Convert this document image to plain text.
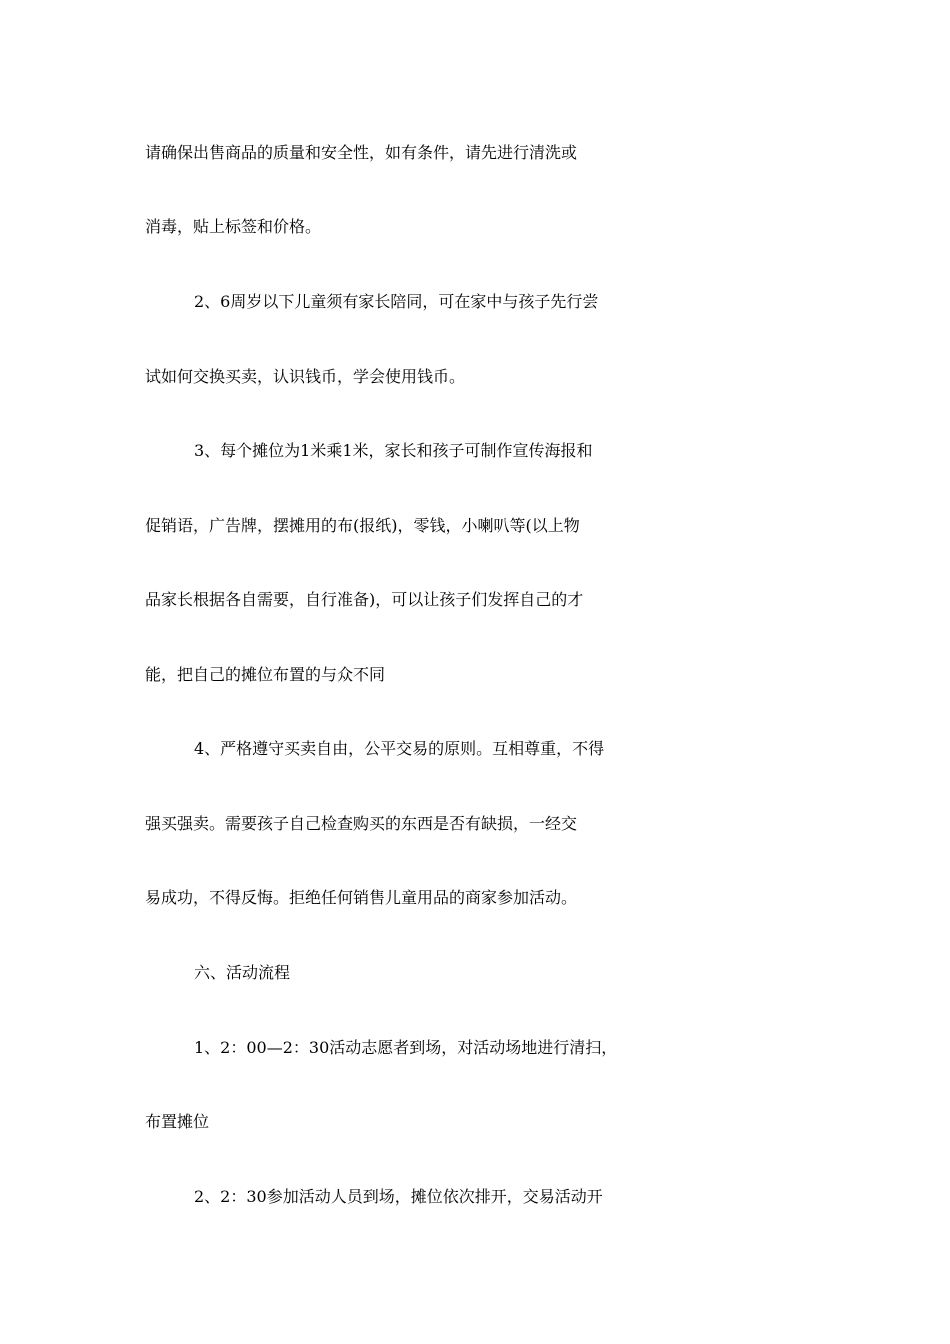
请确保出售商品的质量和安全性，如有条件，请先进行清洗或
消毒，贴上标签和价格。
2、6周岁以下儿童须有家长陪同，可在家中与孩子先行尝
试如何交换买卖，认识钱币，学会使用钱币。
3、每个摊位为1米乘1米，家长和孩子可制作宣传海报和
促销语，广告牌，摆摊用的布(报纸)，零钱，小喇叭等(以上物
品家长根据各自需要，自行准备)，可以让孩子们发挥自己的才
能，把自己的摊位布置的与众不同
4、严格遵守买卖自由，公平交易的原则。互相尊重，不得
强买强卖。需要孩子自己检查购买的东西是否有缺损，一经交
易成功，不得反悔。拒绝任何销售儿童用品的商家参加活动。
六、活动流程
1、2：00—2：30活动志愿者到场，对活动场地进行清扫，
布置摊位
2、2：30参加活动人员到场，摊位依次排开，交易活动开
